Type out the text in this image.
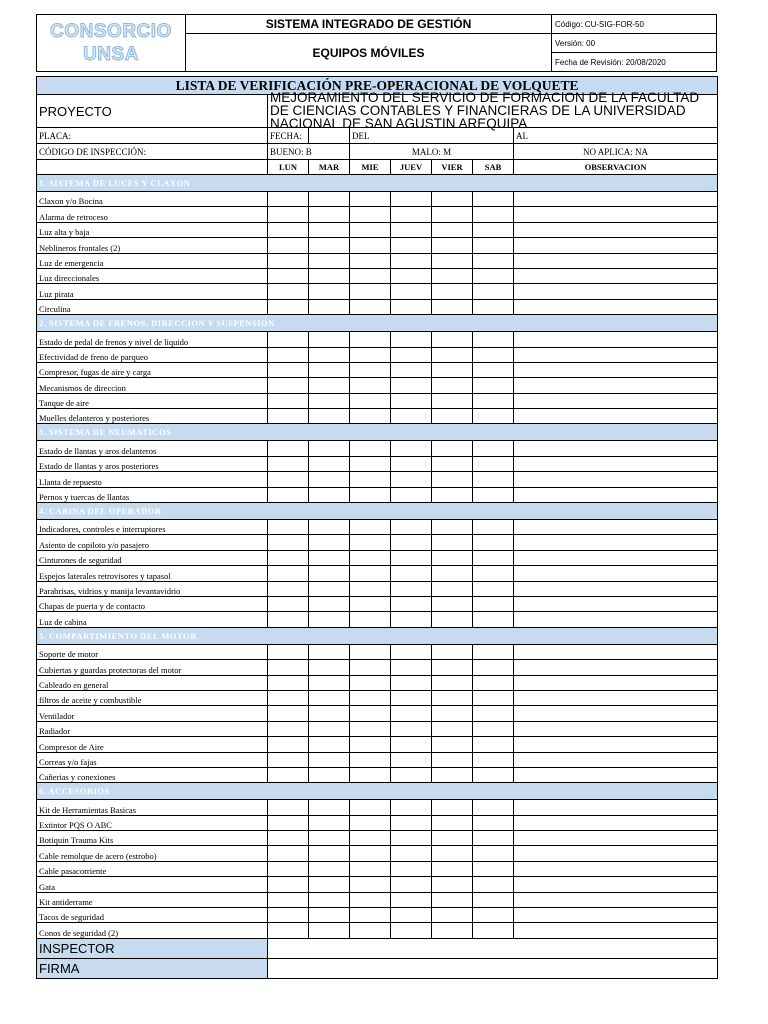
CONSORCIO
UNSA
SISTEMA INTEGRADO DE GESTIÓN
EQUIPOS MÓVILES
Código: CU-SIG-FOR-50
Versión: 00
Fecha de Revisión: 20/08/2020
LISTA DE VERIFICACIÓN PRE-OPERACIONAL DE VOLQUETE							

PROYECTO	MEJORAMIENTO DEL SERVICIO DE FORMACION DE LA FACULTAD DE CIENCIAS CONTABLES Y FINANCIERAS DE LA UNIVERSIDAD NACIONAL DE SAN AGUSTIN AREQUIPA						

PLACA:	FECHA:		DEL				AL
CÓDIGO DE INSPECCIÓN:	BUENO: B		MALO: M				NO APLICA: NA
	LUN	MAR	MIE	JUEV	VIER	SAB	OBSERVACION
1. SISTEMA DE LUCES Y CLAXON							
Claxon y/o Bocina							
Alarma de retroceso							
Luz alta y baja							
Neblineros frontales (2)							
Luz de emergencia							
Luz direccionales							
Luz pirata							
Circulina							
2. SISTEMA DE FRENOS, DIRECCION Y SUSPENSION							
Estado de pedal de frenos y nivel de liquido							
Efectividad de freno de parqueo							
Compresor, fugas de aire y carga							
Mecanismos de direccion							
Tanque de aire							
Muelles delanteros y posteriores							
3. SISTEMA DE NEUMATICOS							
Estado de llantas y aros delanteros							
Estado de llantas y aros posteriores							
Llanta de repuesto							
Pernos y tuercas de llantas							
4. CABINA DEL OPERADOR							
Indicadores, controles e interruptores							
Asiento de copiloto y/o pasajero							
Cinturones de seguridad							
Espejos laterales retrovisores y tapasol							
Parabrisas, vidrios y manija levantavidrio							
Chapas de puerta y de contacto							
Luz de cabina							
5. COMPARTIMIENTO DEL MOTOR							
Soporte de motor							
Cubiertas y guardas protectoras del motor							
Cableado en general							
filtros de aceite y combustible							
Ventilador							
Radiador							
Compresor de Aire							
Correas y/o fajas							
Cañerias y conexiones							
6. ACCESORIOS							
Kit de Herramientas Basicas							
Extintor PQS O ABC							
Botiquin Trauma Kits							
Cable remolque de acero (estrobo)							
Cable pasacorriente							
Gata							
Kit antiderrame							
Tacos de seguridad							
Conos de seguridad (2)							
INSPECTOR							
FIRMA							
